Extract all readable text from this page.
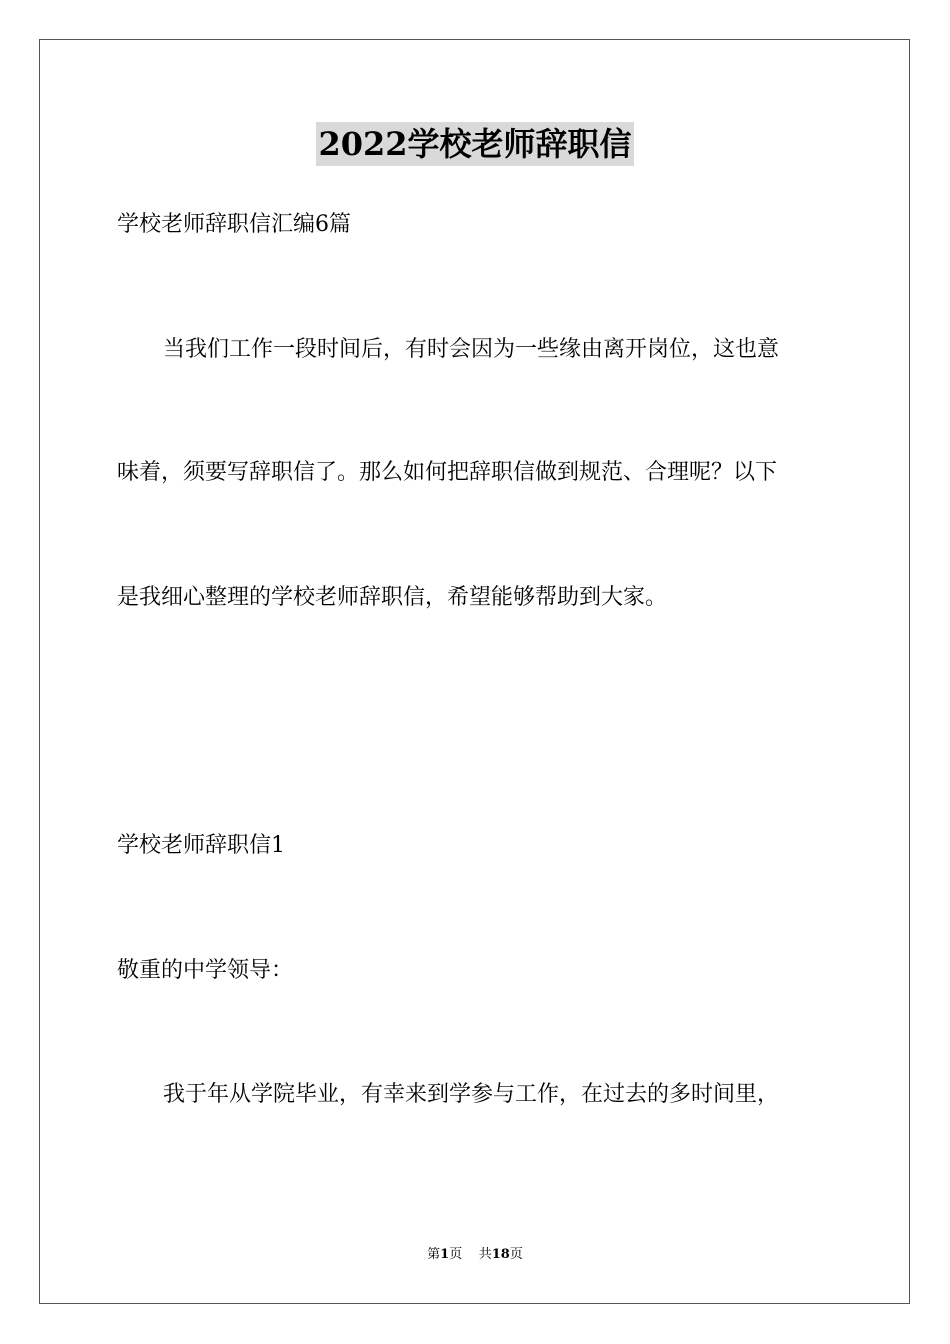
2022学校老师辞职信
学校老师辞职信汇编6篇
当我们工作一段时间后，有时会因为一些缘由离开岗位，这也意
味着，须要写辞职信了。那么如何把辞职信做到规范、合理呢？以下
是我细心整理的学校老师辞职信，希望能够帮助到大家。
学校老师辞职信1
敬重的中学领导：
我于年从学院毕业，有幸来到学参与工作，在过去的多时间里，
第1页 共18页
